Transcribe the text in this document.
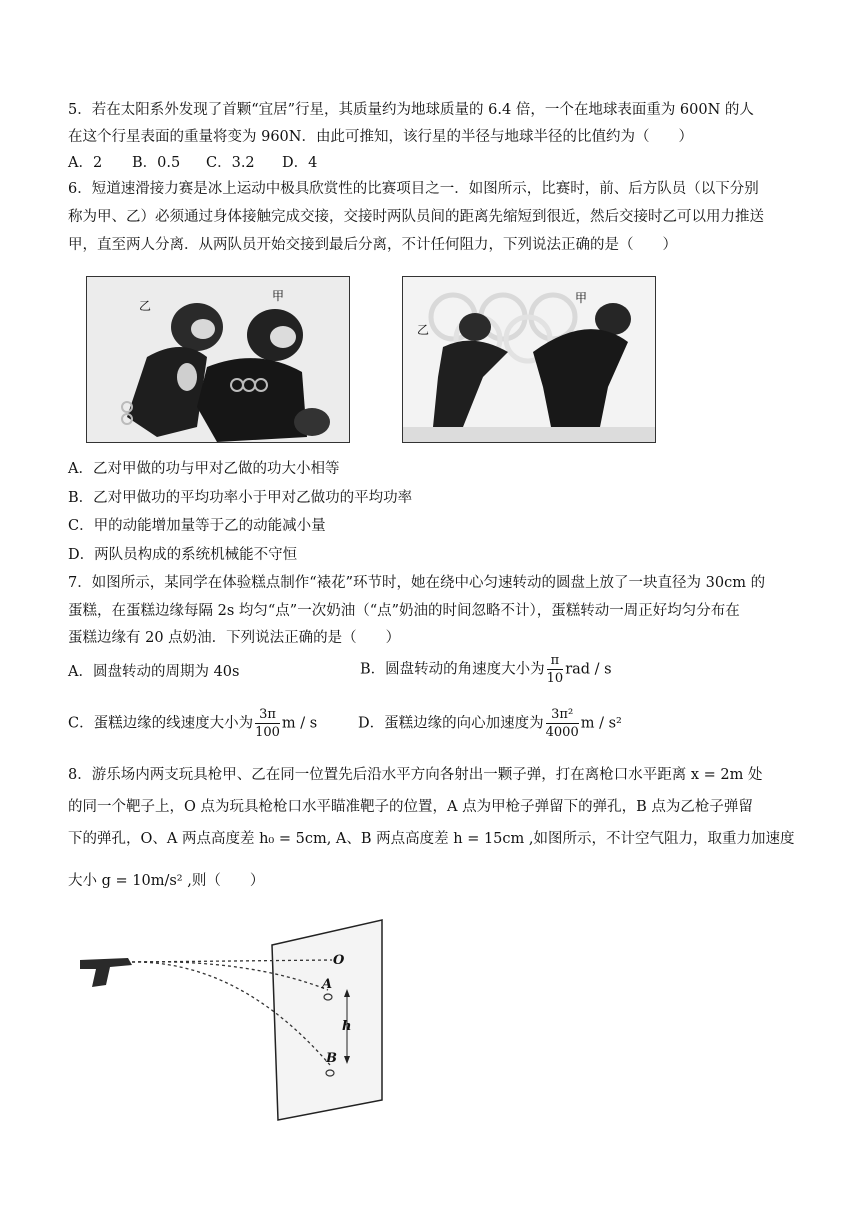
5．若在太阳系外发现了首颗“宜居”行星，其质量约为地球质量的 6.4 倍，一个在地球表面重为 600N 的人
在这个行星表面的重量将变为 960N．由此可推知，该行星的半径与地球半径的比值约为（　　）
A．2 B．0.5 C．3.2 D．4
6．短道速滑接力赛是冰上运动中极具欣赏性的比赛项目之一．如图所示，比赛时，前、后方队员（以下分别
称为甲、乙）必须通过身体接触完成交接，交接时两队员间的距离先缩短到很近，然后交接时乙可以用力推送
甲，直至两人分离．从两队员开始交接到最后分离，不计任何阻力，下列说法正确的是（　　）
乙
甲
乙
甲
A．乙对甲做的功与甲对乙做的功大小相等
B．乙对甲做功的平均功率小于甲对乙做功的平均功率
C．甲的动能增加量等于乙的动能减小量
D．两队员构成的系统机械能不守恒
7．如图所示，某同学在体验糕点制作“裱花”环节时，她在绕中心匀速转动的圆盘上放了一块直径为 30cm 的
蛋糕，在蛋糕边缘每隔 2s 均匀“点”一次奶油（“点”奶油的时间忽略不计），蛋糕转动一周正好均匀分布在
蛋糕边缘有 20 点奶油．下列说法正确的是（　　）
A．圆盘转动的周期为 40s	B．圆盘转动的角速度大小为 $\frac{\pi}{10}$ rad / s
C．蛋糕边缘的线速度大小为 $\frac{3\pi}{100}$ m / s	D．蛋糕边缘的向心加速度为 $\frac{\text{3π²}}{4000}$ m / s²
8．游乐场内两支玩具枪甲、乙在同一位置先后沿水平方向各射出一颗子弹，打在离枪口水平距离 x = 2m 处
的同一个靶子上，O 点为玩具枪枪口水平瞄准靶子的位置，A 点为甲枪子弹留下的弹孔，B 点为乙枪子弹留
下的弹孔，O、A 两点高度差 h₀ = 5cm, A、B 两点高度差 h = 15cm ,如图所示，不计空气阻力，取重力加速度
大小 g = 10m/s² ,则（　　）
O
A
h
B
